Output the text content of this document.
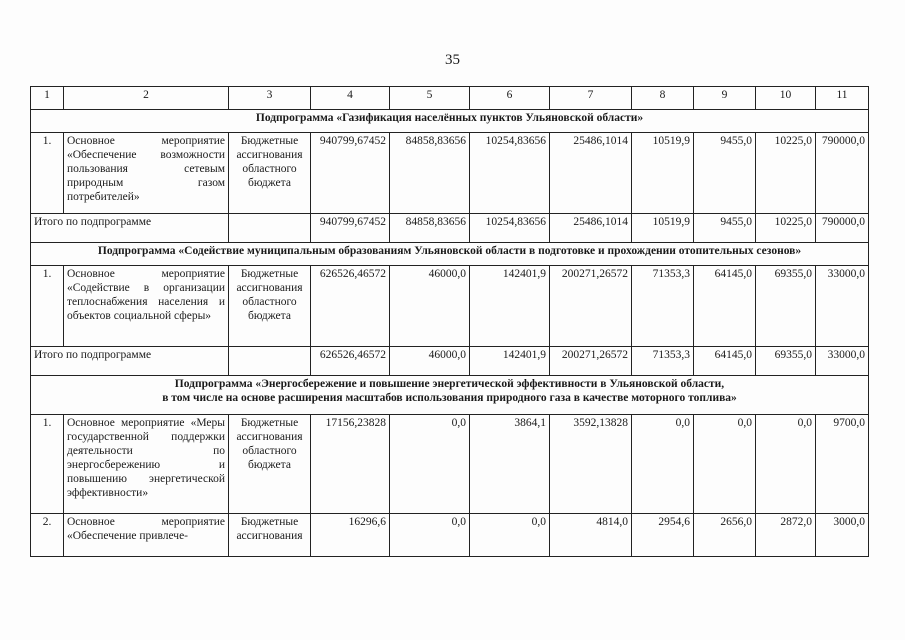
35
1	2	3	4	5	6	7	8	9	10	11
Подпрограмма «Газификация населённых пунктов Ульяновской области»										
1.	Основное мероприятие «Обеспечение возможности пользования сетевым природным газом потребителей»	Бюджетные ассигнования областного бюджета	940799,67452	84858,83656	10254,83656	25486,1014	10519,9	9455,0	10225,0	790000,0
Итого по подпрограмме			940799,67452	84858,83656	10254,83656	25486,1014	10519,9	9455,0	10225,0	790000,0
Подпрограмма «Содействие муниципальным образованиям Ульяновской области в подготовке и прохождении отопительных сезонов»										
1.	Основное мероприятие «Содействие в организации теплоснабжения населения и объектов социальной сферы»	Бюджетные ассигнования областного бюджета	626526,46572	46000,0	142401,9	200271,26572	71353,3	64145,0	69355,0	33000,0
Итого по подпрограмме			626526,46572	46000,0	142401,9	200271,26572	71353,3	64145,0	69355,0	33000,0

Подпрограмма «Энергосбережение и повышение энергетической эффективности в Ульяновской области,
в том числе на основе расширения масштабов использования природного газа в качестве моторного топлива»										

1.	Основное мероприятие «Меры государственной поддержки деятельности по энергосбережению и повышению энергетической эффективности»	Бюджетные ассигнования областного бюджета	17156,23828	0,0	3864,1	3592,13828	0,0	0,0	0,0	9700,0
2.	Основное мероприятие «Обеспечение привлече-	Бюджетные ассигнования	16296,6	0,0	0,0	4814,0	2954,6	2656,0	2872,0	3000,0
